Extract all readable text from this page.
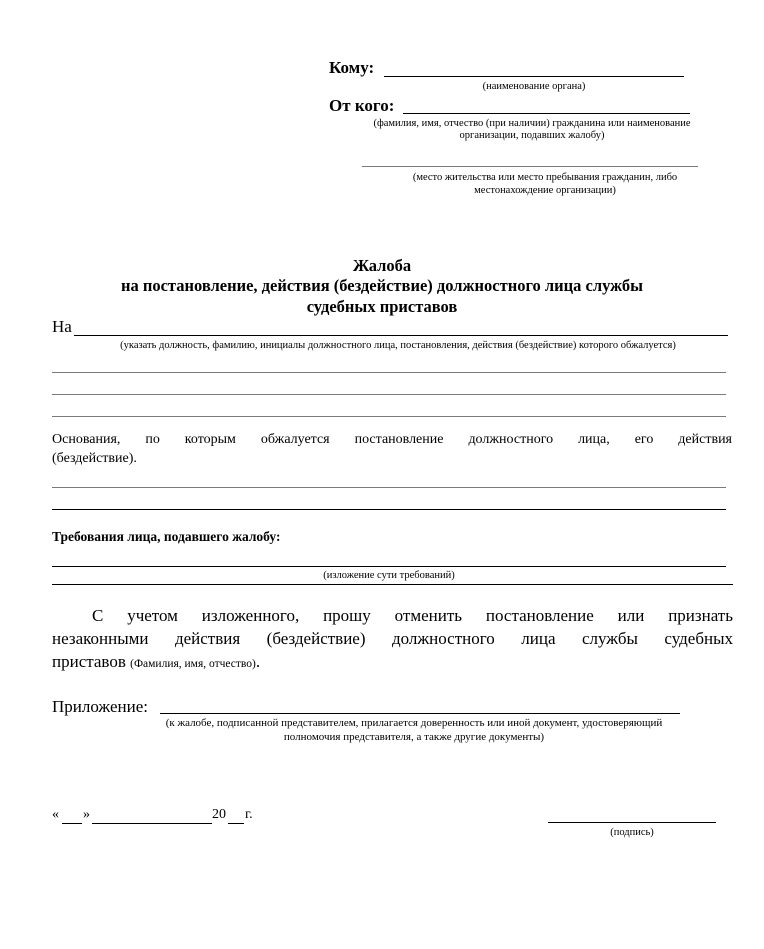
Кому:
(наименование органа)
От кого:
(фамилия, имя, отчество (при наличии) гражданина или наименование
организации, подавших жалобу)
(место жительства или место пребывания гражданин, либо
местонахождение организации)
Жалоба
на постановление, действия (бездействие) должностного лица службы
судебных приставов
На
(указать должность, фамилию, инициалы должностного лица, постановления, действия (бездействие) которого обжалуется)
Основания, по которым обжалуется постановление должностного лица, его действия
(бездействие).
Требования лица, подавшего жалобу:
(изложение сути требований)
С учетом изложенного, прошу отменить постановление или признать
незаконными действия (бездействие) должностного лица службы судебных
приставов (Фамилия, имя, отчество).
Приложение:
(к жалобе, подписанной представителем, прилагается доверенность или иной документ, удостоверяющий
полномочия представителя, а также другие документы)
« »	20 г.
(подпись)
